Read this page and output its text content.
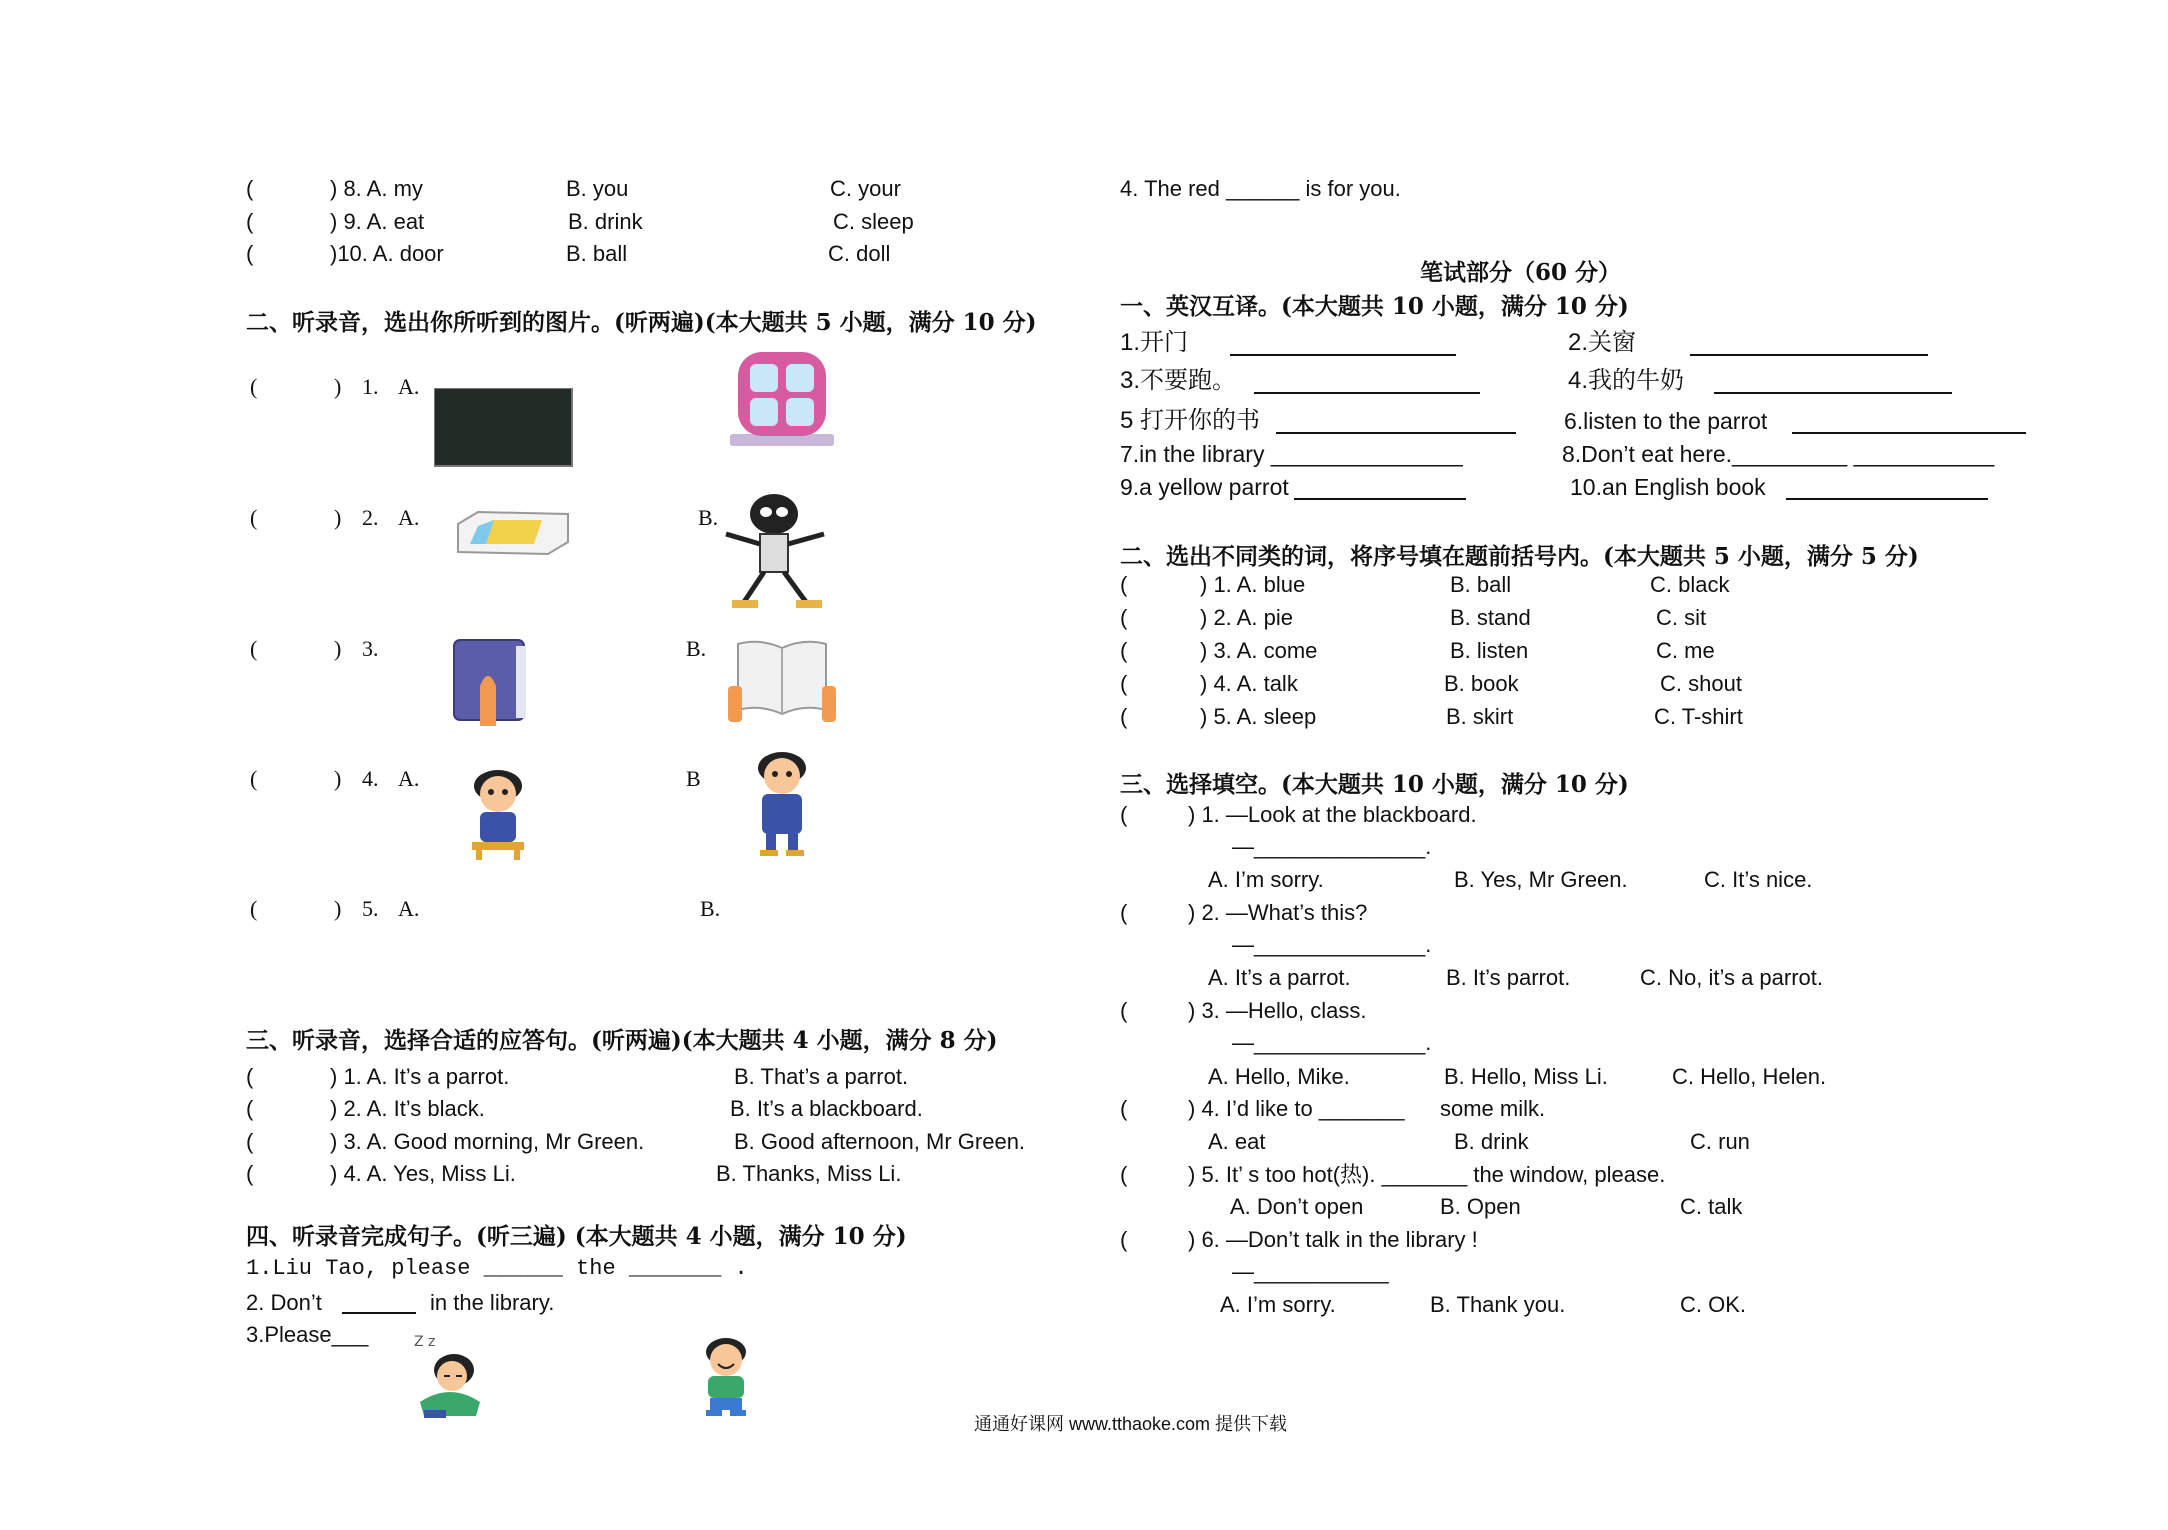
(	) 8. A. my	B. you	C. your
(	) 9. A. eat	B. drink	C. sleep
(	)10. A. door	B. ball	C. doll
二、听录音，选出你所听到的图片。(听两遍)(本大题共 5 小题，满分 10 分)
(	) 1. A.
(	) 2. A.	B.
(	) 3.	B.
(	) 4. A.	B
(	) 5. A.	B.
三、听录音，选择合适的应答句。(听两遍)(本大题共 4 小题，满分 8 分)
(	) 1. A. It’s a parrot.	B. That’s a parrot.
(	) 2. A. It’s black.	B. It’s a blackboard.
(	) 3. A. Good morning, Mr Green.	B. Good afternoon, Mr Green.
(	) 4. A. Yes, Miss Li.	B. Thanks, Miss Li.
四、听录音完成句子。(听三遍) (本大题共 4 小题，满分 10 分)
1.Liu Tao, please ______ the _______ .
2. Don’t	in the library.
3.Please___	Z z
4. The red ______ is for you.
笔试部分（60 分）
一、英汉互译。(本大题共 10 小题，满分 10 分)
1.开门	2.关窗
3.不要跑。	4.我的牛奶
5 打开你的书	6.listen to the parrot
7.in the library _______________	8.Don’t eat here._________ ___________
9.a yellow parrot	10.an English book
二、选出不同类的词，将序号填在题前括号内。(本大题共 5 小题，满分 5 分)
(	) 1. A. blue	B. ball	C. black
(	) 2. A. pie	B. stand	C. sit
(	) 3. A. come	B. listen	C. me
(	) 4. A. talk	B. book	C. shout
(	) 5. A. sleep	B. skirt	C. T-shirt
三、选择填空。(本大题共 10 小题，满分 10 分)
(	) 1. —Look at the blackboard.
—______________.
A. I’m sorry.	B. Yes, Mr Green.	C. It’s nice.
(	) 2. —What’s this?
—______________.
A. It’s a parrot.	B. It’s parrot.	C. No, it’s a parrot.
(	) 3. —Hello, class.
—______________.
A. Hello, Mike.	B. Hello, Miss Li.	C. Hello, Helen.
(	) 4. I’d like to _______ some milk.
A. eat	B. drink	C. run
(	) 5. It’ s too hot(热). _______ the window, please.
A. Don’t open	B. Open	C. talk
(	) 6. —Don’t talk in the library !
—___________
A. I’m sorry.	B. Thank you.	C. OK.
通通好课网 www.tthaoke.com 提供下载
